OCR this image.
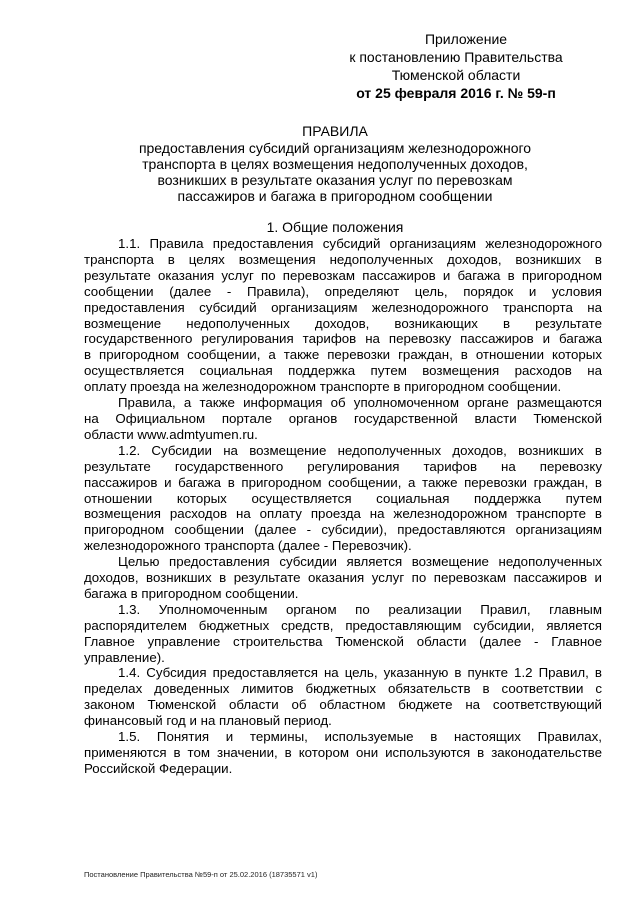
Приложение
к постановлению Правительства
Тюменской области
от 25 февраля 2016 г. № 59-п
ПРАВИЛА
предоставления субсидий организациям железнодорожного
транспорта в целях возмещения недополученных доходов,
возникших в результате оказания услуг по перевозкам
пассажиров и багажа в пригородном сообщении
1. Общие положения

1.1. Правила предоставления субсидий организациям железнодорожного
транспорта в целях возмещения недополученных доходов, возникших в
результате оказания услуг по перевозкам пассажиров и багажа в пригородном
сообщении (далее - Правила), определяют цель, порядок и условия
предоставления субсидий организациям железнодорожного транспорта на
возмещение недополученных доходов, возникающих в результате
государственного регулирования тарифов на перевозку пассажиров и багажа
в пригородном сообщении, а также перевозки граждан, в отношении которых
осуществляется социальная поддержка путем возмещения расходов на
оплату проезда на железнодорожном транспорте в пригородном сообщении.

Правила, а также информация об уполномоченном органе размещаются
на Официальном портале органов государственной власти Тюменской
области www.admtyumen.ru.

1.2. Субсидии на возмещение недополученных доходов, возникших в
результате государственного регулирования тарифов на перевозку
пассажиров и багажа в пригородном сообщении, а также перевозки граждан, в
отношении которых осуществляется социальная поддержка путем
возмещения расходов на оплату проезда на железнодорожном транспорте в
пригородном сообщении (далее - субсидии), предоставляются организациям
железнодорожного транспорта (далее - Перевозчик).

Целью предоставления субсидии является возмещение недополученных
доходов, возникших в результате оказания услуг по перевозкам пассажиров и
багажа в пригородном сообщении.

1.3. Уполномоченным органом по реализации Правил, главным
распорядителем бюджетных средств, предоставляющим субсидии, является
Главное управление строительства Тюменской области (далее - Главное
управление).

1.4. Субсидия предоставляется на цель, указанную в пункте 1.2 Правил, в
пределах доведенных лимитов бюджетных обязательств в соответствии с
законом Тюменской области об областном бюджете на соответствующий
финансовый год и на плановый период.

1.5. Понятия и термины, используемые в настоящих Правилах,
применяются в том значении, в котором они используются в законодательстве
Российской Федерации.

Постановление Правительства №59-п от 25.02.2016 (18735571 v1)
